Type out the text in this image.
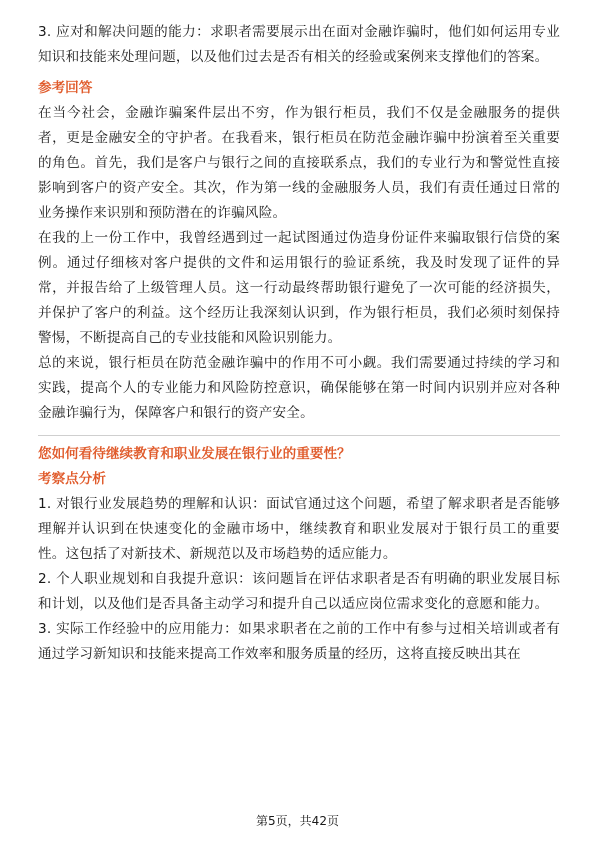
3. 应对和解决问题的能力：求职者需要展示出在面对金融诈骗时，他们如何运用专业知识和技能来处理问题，以及他们过去是否有相关的经验或案例来支撑他们的答案。

参考回答

在当今社会，金融诈骗案件层出不穷，作为银行柜员，我们不仅是金融服务的提供者，更是金融安全的守护者。在我看来，银行柜员在防范金融诈骗中扮演着至关重要的角色。首先，我们是客户与银行之间的直接联系点，我们的专业行为和警觉性直接影响到客户的资产安全。其次，作为第一线的金融服务人员，我们有责任通过日常的业务操作来识别和预防潜在的诈骗风险。

在我的上一份工作中，我曾经遇到过一起试图通过伪造身份证件来骗取银行信贷的案例。通过仔细核对客户提供的文件和运用银行的验证系统，我及时发现了证件的异常，并报告给了上级管理人员。这一行动最终帮助银行避免了一次可能的经济损失，并保护了客户的利益。这个经历让我深刻认识到，作为银行柜员，我们必须时刻保持警惕，不断提高自己的专业技能和风险识别能力。

总的来说，银行柜员在防范金融诈骗中的作用不可小觑。我们需要通过持续的学习和实践，提高个人的专业能力和风险防控意识，确保能够在第一时间内识别并应对各种金融诈骗行为，保障客户和银行的资产安全。

您如何看待继续教育和职业发展在银行业的重要性？
考察点分析

1. 对银行业发展趋势的理解和认识：面试官通过这个问题，希望了解求职者是否能够理解并认识到在快速变化的金融市场中，继续教育和职业发展对于银行员工的重要性。这包括了对新技术、新规范以及市场趋势的适应能力。

2. 个人职业规划和自我提升意识：该问题旨在评估求职者是否有明确的职业发展目标和计划，以及他们是否具备主动学习和提升自己以适应岗位需求变化的意愿和能力。

3. 实际工作经验中的应用能力：如果求职者在之前的工作中有参与过相关培训或者有通过学习新知识和技能来提高工作效率和服务质量的经历，这将直接反映出其在

第5页，共42页
